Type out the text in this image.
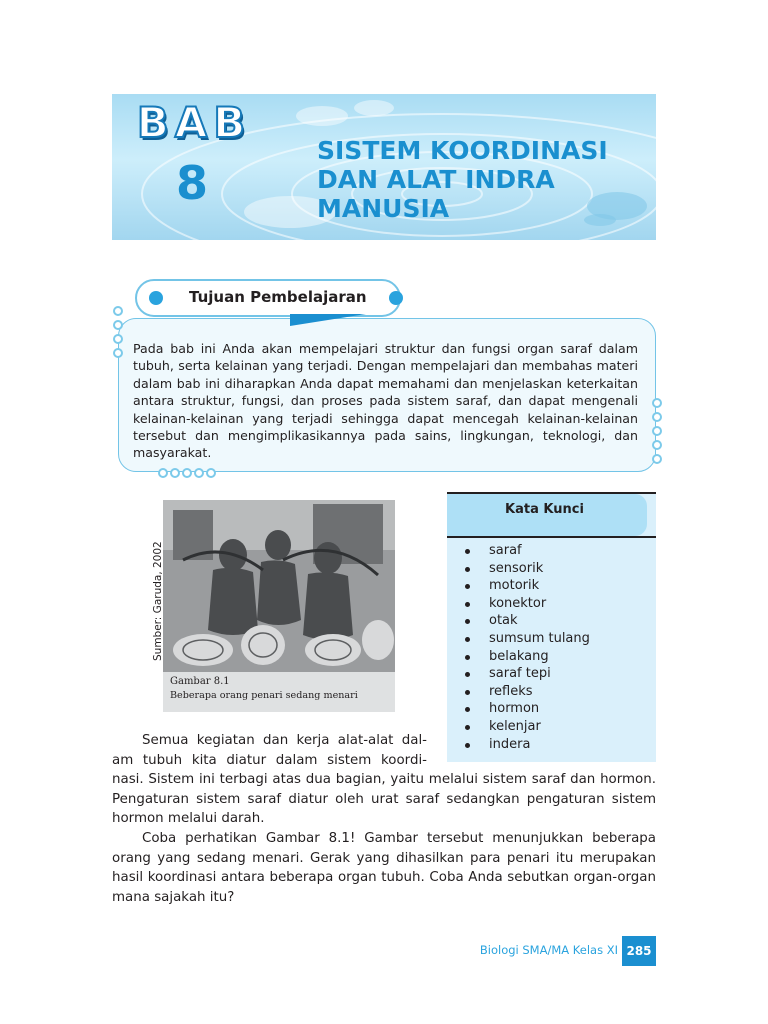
BAB
8
SISTEM KOORDINASI
DAN ALAT INDRA
MANUSIA
Tujuan Pembelajaran
Pada bab ini Anda akan mempelajari struktur dan fungsi organ saraf dalam tubuh, serta kelainan yang terjadi. Dengan mempelajari dan membahas materi dalam bab ini diharapkan Anda dapat memahami dan menjelaskan keterkaitan antara struktur, fungsi, dan proses pada sistem saraf, dan dapat mengenali kelainan-kelainan yang terjadi sehingga dapat mencegah kelainan-kelainan tersebut dan mengimplikasikannya pada sains, lingkungan, teknologi, dan masyarakat.
Gambar 8.1
Beberapa orang penari sedang menari
Sumber: Garuda, 2002
Kata Kunci
saraf
sensorik
motorik
konektor
otak
sumsum tulang
belakang
saraf tepi
refleks
hormon
kelenjar
indera
Semua kegiatan dan kerja alat-alat dal-
am tubuh kita diatur dalam sistem koordi-
nasi. Sistem ini terbagi atas dua bagian, yaitu melalui sistem saraf dan hormon. Pengaturan sistem saraf diatur oleh urat saraf sedangkan pengaturan sistem hormon melalui darah.
Coba perhatikan Gambar 8.1! Gambar tersebut menunjukkan beberapa orang yang sedang menari. Gerak yang dihasilkan para penari itu merupakan hasil koordinasi antara beberapa organ tubuh. Coba Anda sebutkan organ-organ mana sajakah itu?
Biologi SMA/MA Kelas XI 285
